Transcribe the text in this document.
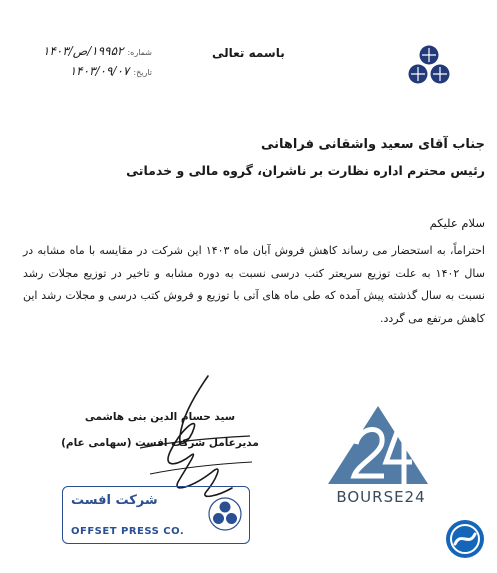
باسمه تعالی
شماره:
۱۹۹۵۲/ص/۱۴۰۳
تاریخ:
۱۴۰۳/۰۹/۰۷
جناب آقای سعید واشقانی فراهانی
رئیس محترم اداره نظارت بر ناشران، گروه مالی و خدماتی
سلام علیکم
احتراماً، به استحضار می رساند کاهش فروش آبان ماه ۱۴۰۳ این شرکت در مقایسه با ماه مشابه در سال ۱۴۰۲ به علت توزیع سریعتر کتب درسی نسبت به دوره مشابه و تاخیر در توزیع مجلات رشد نسبت به سال گذشته پیش آمده که طی ماه های آتی با توزیع و فروش کتب درسی و مجلات رشد این کاهش مرتفع می گردد.
سید حسام الدین بنی هاشمی
مدیرعامل شرکت افست (سهامی عام)
شرکت افست
OFFSET PRESS CO.
BOURSE24
